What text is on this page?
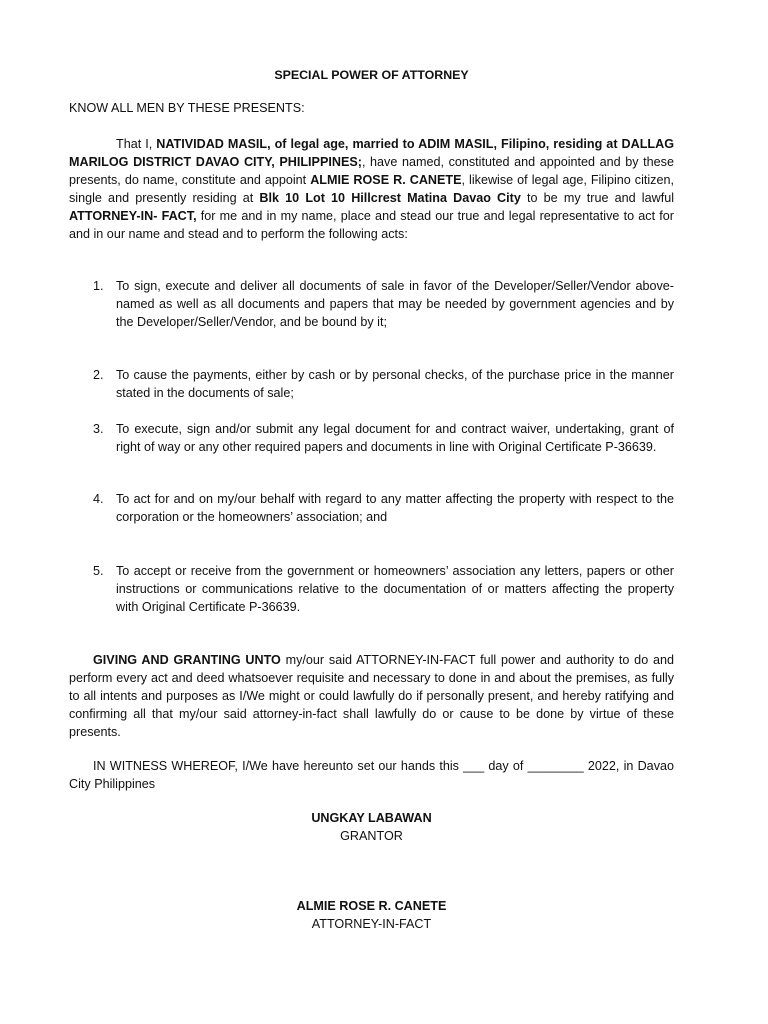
SPECIAL POWER OF ATTORNEY
KNOW ALL MEN BY THESE PRESENTS:
That I, NATIVIDAD MASIL, of legal age, married to ADIM MASIL, Filipino, residing at DALLAG MARILOG DISTRICT DAVAO CITY, PHILIPPINES;, have named, constituted and appointed and by these presents, do name, constitute and appoint ALMIE ROSE R. CANETE, likewise of legal age, Filipino citizen, single and presently residing at Blk 10 Lot 10 Hillcrest Matina Davao City to be my true and lawful ATTORNEY-IN- FACT, for me and in my name, place and stead our true and legal representative to act for and in our name and stead and to perform the following acts:
1. To sign, execute and deliver all documents of sale in favor of the Developer/Seller/Vendor above-named as well as all documents and papers that may be needed by government agencies and by the Developer/Seller/Vendor, and be bound by it;
2. To cause the payments, either by cash or by personal checks, of the purchase price in the manner stated in the documents of sale;
3. To execute, sign and/or submit any legal document for and contract waiver, undertaking, grant of right of way or any other required papers and documents in line with Original Certificate P-36639.
4. To act for and on my/our behalf with regard to any matter affecting the property with respect to the corporation or the homeowners’ association; and
5. To accept or receive from the government or homeowners’ association any letters, papers or other instructions or communications relative to the documentation of or matters affecting the property with Original Certificate P-36639.
GIVING AND GRANTING UNTO my/our said ATTORNEY-IN-FACT full power and authority to do and perform every act and deed whatsoever requisite and necessary to done in and about the premises, as fully to all intents and purposes as I/We might or could lawfully do if personally present, and hereby ratifying and confirming all that my/our said attorney-in-fact shall lawfully do or cause to be done by virtue of these presents.
IN WITNESS WHEREOF, I/We have hereunto set our hands this ___ day of ________ 2022, in Davao City Philippines
UNGKAY LABAWAN
GRANTOR
ALMIE ROSE R. CANETE
ATTORNEY-IN-FACT
